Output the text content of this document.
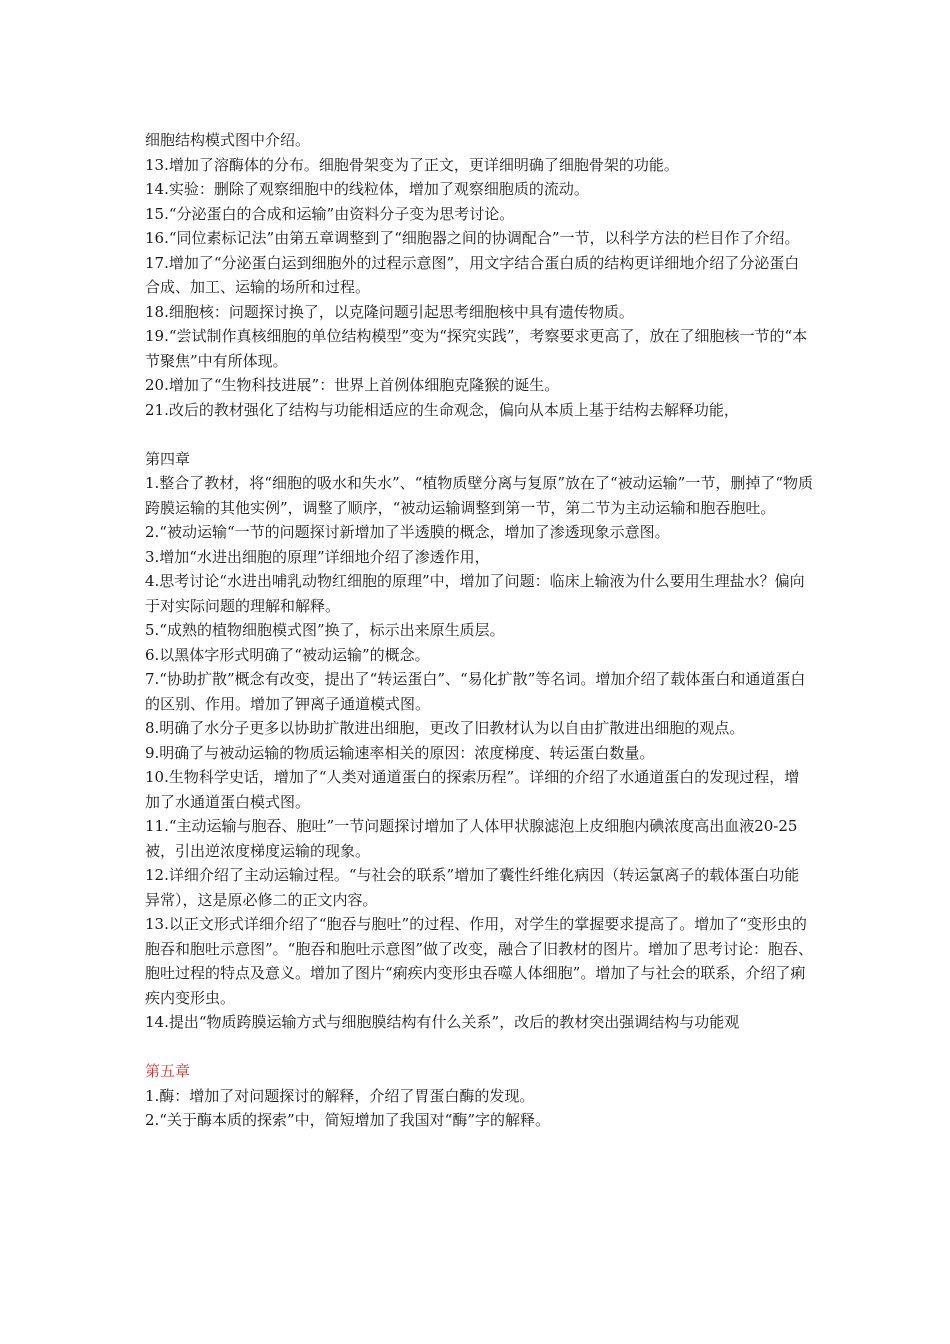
细胞结构模式图中介绍。

13.增加了溶酶体的分布。细胞骨架变为了正文，更详细明确了细胞骨架的功能。

14.实验：删除了观察细胞中的线粒体，增加了观察细胞质的流动。

15.“分泌蛋白的合成和运输”由资料分子变为思考讨论。

16.“同位素标记法”由第五章调整到了“细胞器之间的协调配合”一节，以科学方法的栏目作了介绍。

17.增加了“分泌蛋白运到细胞外的过程示意图”，用文字结合蛋白质的结构更详细地介绍了分泌蛋白合成、加工、运输的场所和过程。

18.细胞核：问题探讨换了，以克隆问题引起思考细胞核中具有遗传物质。

19.“尝试制作真核细胞的单位结构模型”变为“探究实践”，考察要求更高了，放在了细胞核一节的“本节聚焦”中有所体现。

20.增加了“生物科技进展”：世界上首例体细胞克隆猴的诞生。

21.改后的教材强化了结构与功能相适应的生命观念，偏向从本质上基于结构去解释功能，

第四章

1.整合了教材，将“细胞的吸水和失水”、“植物质壁分离与复原”放在了“被动运输”一节，删掉了“物质跨膜运输的其他实例”，调整了顺序，“被动运输调整到第一节，第二节为主动运输和胞吞胞吐。

2.“被动运输“一节的问题探讨新增加了半透膜的概念，增加了渗透现象示意图。

3.增加“水进出细胞的原理”详细地介绍了渗透作用，

4.思考讨论“水进出哺乳动物红细胞的原理”中，增加了问题：临床上输液为什么要用生理盐水？偏向于对实际问题的理解和解释。

5.“成熟的植物细胞模式图”换了，标示出来原生质层。

6.以黑体字形式明确了“被动运输”的概念。

7.“协助扩散”概念有改变，提出了“转运蛋白”、“易化扩散”等名词。增加介绍了载体蛋白和通道蛋白的区别、作用。增加了钾离子通道模式图。

8.明确了水分子更多以协助扩散进出细胞，更改了旧教材认为以自由扩散进出细胞的观点。

9.明确了与被动运输的物质运输速率相关的原因：浓度梯度、转运蛋白数量。

10.生物科学史话，增加了“人类对通道蛋白的探索历程”。详细的介绍了水通道蛋白的发现过程，增加了水通道蛋白模式图。

11.“主动运输与胞吞、胞吐”一节问题探讨增加了人体甲状腺滤泡上皮细胞内碘浓度高出血液20-25被，引出逆浓度梯度运输的现象。

12.详细介绍了主动运输过程。“与社会的联系”增加了囊性纤维化病因（转运氯离子的载体蛋白功能异常），这是原必修二的正文内容。

13.以正文形式详细介绍了“胞吞与胞吐”的过程、作用，对学生的掌握要求提高了。增加了“变形虫的胞吞和胞吐示意图”。“胞吞和胞吐示意图”做了改变，融合了旧教材的图片。增加了思考讨论：胞吞、胞吐过程的特点及意义。增加了图片“痢疾内变形虫吞噬人体细胞”。增加了与社会的联系，介绍了痢疾内变形虫。

14.提出“物质跨膜运输方式与细胞膜结构有什么关系”，改后的教材突出强调结构与功能观

第五章

1.酶：增加了对问题探讨的解释，介绍了胃蛋白酶的发现。

2.“关于酶本质的探索”中，简短增加了我国对“酶”字的解释。
